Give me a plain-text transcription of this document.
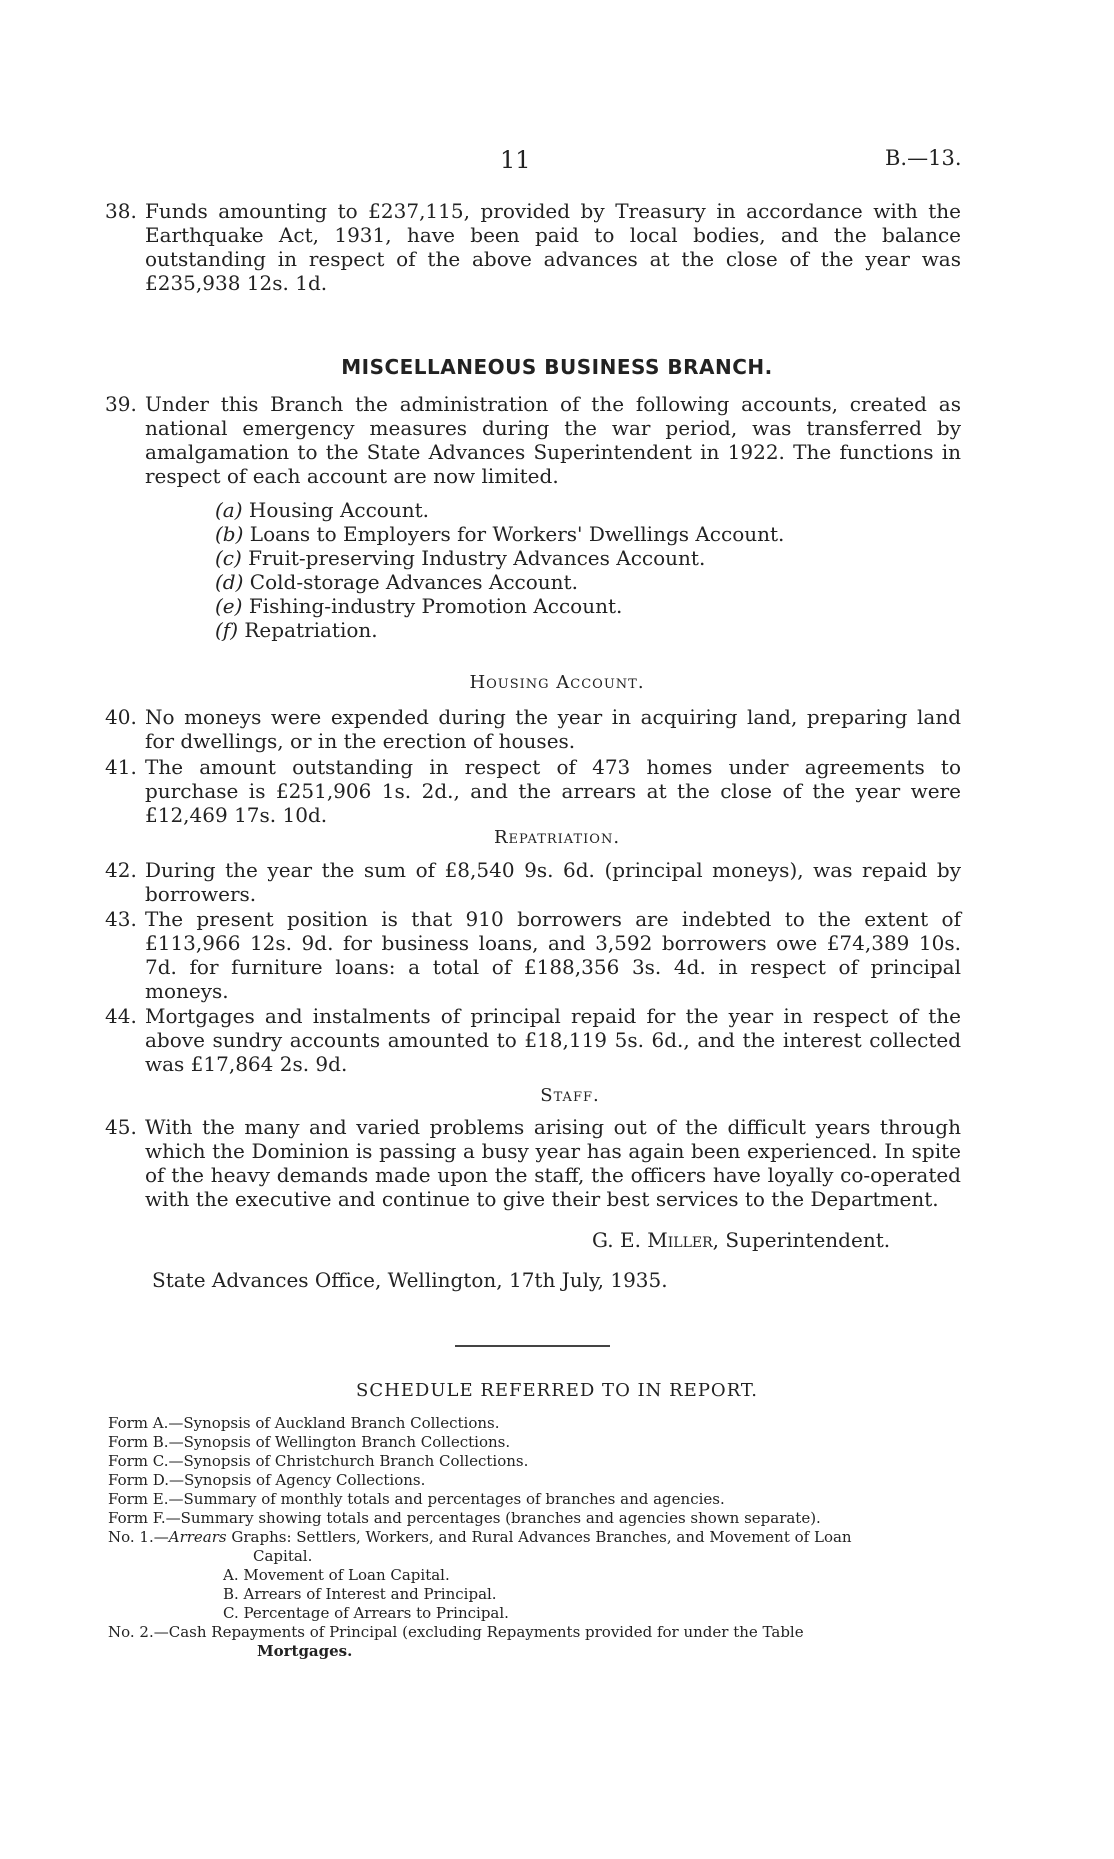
11	B.—13.
38. Funds amounting to £237,115, provided by Treasury in accordance with the Earthquake Act, 1931, have been paid to local bodies, and the balance outstanding in respect of the above advances at the close of the year was £235,938 12s. 1d.
MISCELLANEOUS BUSINESS BRANCH.
39. Under this Branch the administration of the following accounts, created as national emergency measures during the war period, was transferred by amalgamation to the State Advances Superintendent in 1922. The functions in respect of each account are now limited.
(a) Housing Account.
(b) Loans to Employers for Workers' Dwellings Account.
(c) Fruit-preserving Industry Advances Account.
(d) Cold-storage Advances Account.
(e) Fishing-industry Promotion Account.
(f) Repatriation.
Housing Account.
40. No moneys were expended during the year in acquiring land, preparing land for dwellings, or in the erection of houses.
41. The amount outstanding in respect of 473 homes under agreements to purchase is £251,906 1s. 2d., and the arrears at the close of the year were £12,469 17s. 10d.
Repatriation.
42. During the year the sum of £8,540 9s. 6d. (principal moneys), was repaid by borrowers.
43. The present position is that 910 borrowers are indebted to the extent of £113,966 12s. 9d. for business loans, and 3,592 borrowers owe £74,389 10s. 7d. for furniture loans: a total of £188,356 3s. 4d. in respect of principal moneys.
44. Mortgages and instalments of principal repaid for the year in respect of the above sundry accounts amounted to £18,119 5s. 6d., and the interest collected was £17,864 2s. 9d.
Staff.
45. With the many and varied problems arising out of the difficult years through which the Dominion is passing a busy year has again been experienced. In spite of the heavy demands made upon the staff, the officers have loyally co-operated with the executive and continue to give their best services to the Department.
G. E. Miller, Superintendent.
State Advances Office, Wellington, 17th July, 1935.
SCHEDULE REFERRED TO IN REPORT.
Form A.—Synopsis of Auckland Branch Collections.
Form B.—Synopsis of Wellington Branch Collections.
Form C.—Synopsis of Christchurch Branch Collections.
Form D.—Synopsis of Agency Collections.
Form E.—Summary of monthly totals and percentages of branches and agencies.
Form F.—Summary showing totals and percentages (branches and agencies shown separate).
No. 1.—Arrears Graphs: Settlers, Workers, and Rural Advances Branches, and Movement of Loan
Capital.
A. Movement of Loan Capital.
B. Arrears of Interest and Principal.
C. Percentage of Arrears to Principal.
No. 2.—Cash Repayments of Principal (excluding Repayments provided for under the Table
Mortgages.
